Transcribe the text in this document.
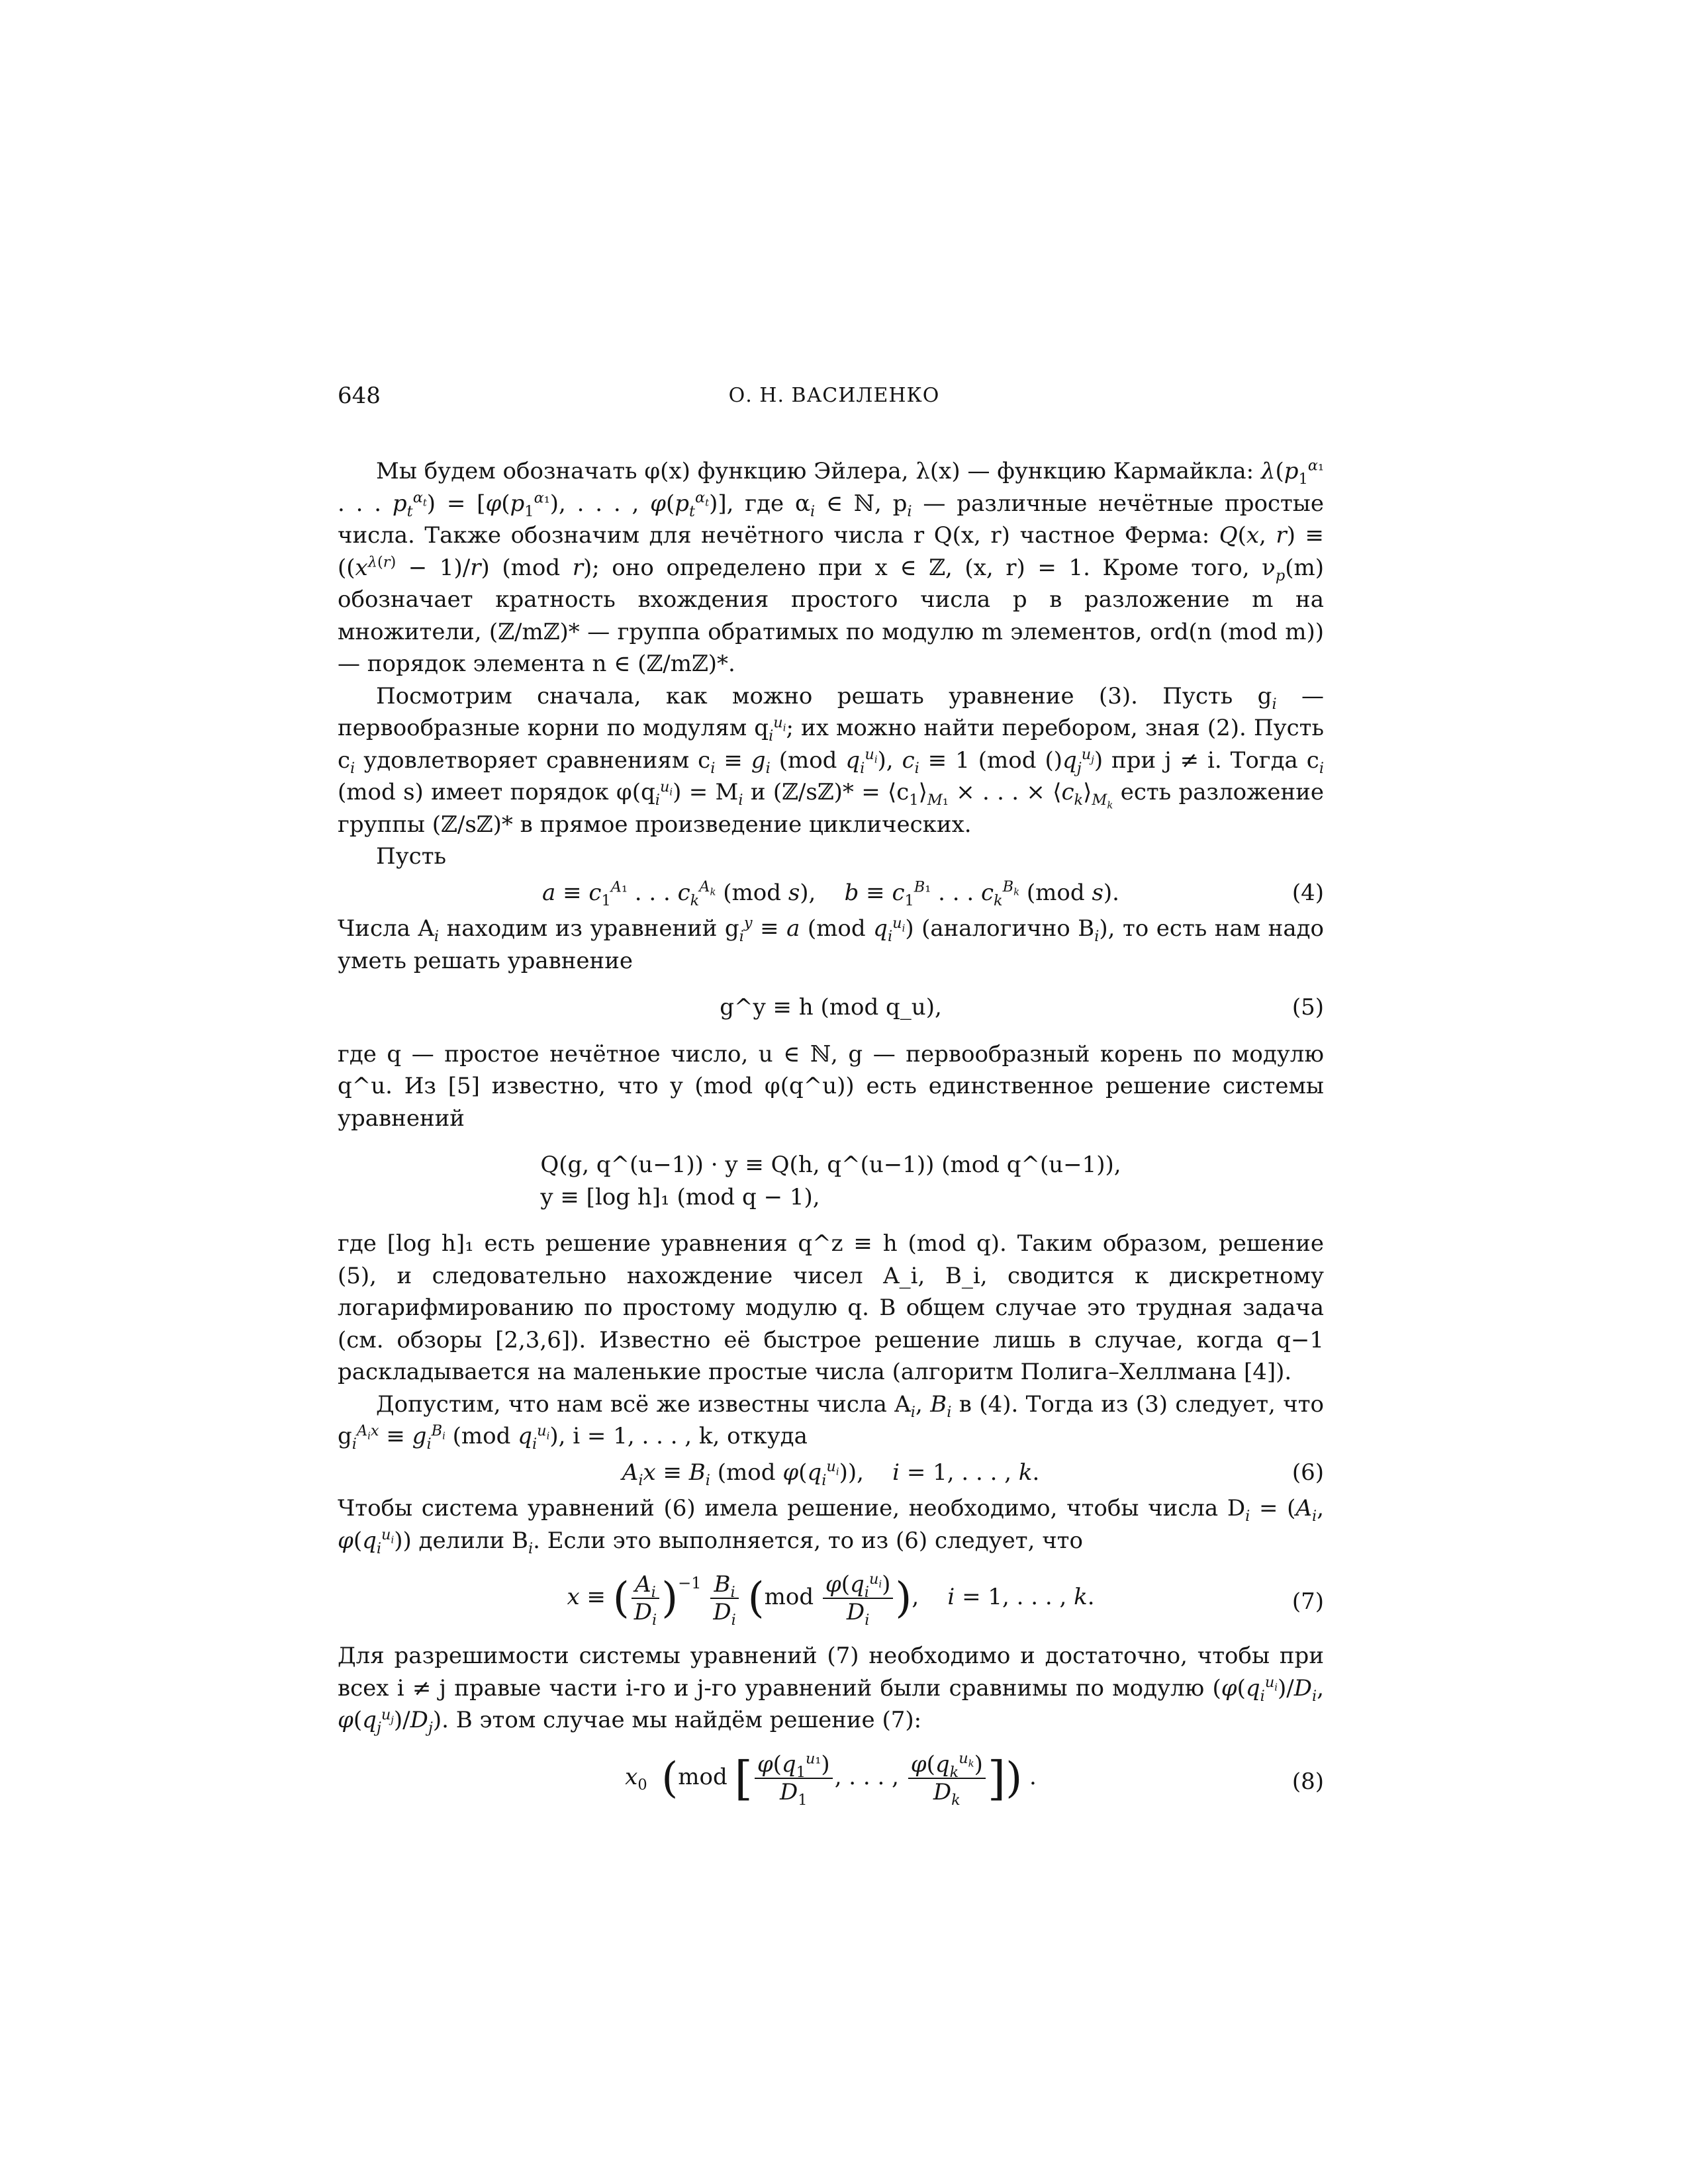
648	О. Н. ВАСИЛЕНКО

Мы будем обозначать φ(x) функцию Эйлера, λ(x) — функцию Кармайкла: $\lambda(p_1^{\alpha_1}$ . . . $p_t^{\alpha_t}) = [\varphi(p_1^{\alpha_1})$, . . . , $\varphi(p_t^{\alpha_t})$], где $\alpha_i$ ∈ ℕ, $p_i$ — различные нечётные простые числа. Также обозначим для нечётного числа r Q(x, r) частное Ферма: Q(x, $r) \equiv ((x^{\lambda(r)} - 1)/r)$ (mod r); оно определено при x ∈ ℤ, (x, r) = 1. Кроме того, $\nu_p(m)$ обозначает кратность вхождения простого числа p в разложение m на множители, (ℤ/mℤ)* — группа обратимых по модулю m элементов, ord(n (mod m)) — порядок элемента n ∈ (ℤ/mℤ)*.

Посмотрим сначала, как можно решать уравнение (3). Пусть $g_i$ — первообразные корни по модулям $q_i^{u_i}$; их можно найти перебором, зная (2). Пусть $c_i$ удовлетворяет сравнениям $c_i \equiv g_i$ (mod $q_i^{u_i}$), $c_i \equiv 1$ (mod $()q_j^{u_j}$) при j ≠ i. Тогда $c_i$ (mod s) имеет порядок $\varphi(q_i^{u_i}) = M_i$ и (ℤ/sℤ)* = $⟨c_1⟩_{M_1}$ × . . . × $⟨c_k⟩_{M_k}$ есть разложение группы (ℤ/sℤ)* в прямое произведение циклических.

Пусть

$a \equiv c_1^{A_1}$ . . . $c_k^{A_k}$ (mod s),    $b \equiv c_1^{B_1}$ . . . $c_k^{B_k}$ (mod s).	(4)

Числа $A_i$ находим из уравнений $g_i^y \equiv a$ (mod $q_i^{u_i}$) (аналогично $B_i$), то есть нам надо уметь решать уравнение

g^y ≡ h (mod q_u),	(5)

где q — простое нечётное число, u ∈ ℕ, g — первообразный корень по модулю q^u. Из [5] известно, что y (mod φ(q^u)) есть единственное решение системы уравнений

Q(g, q^(u−1)) · y ≡ Q(h, q^(u−1)) (mod q^(u−1)),
y ≡ [log h]₁ (mod q − 1),

где [log h]₁ есть решение уравнения q^z ≡ h (mod q). Таким образом, решение (5), и следовательно нахождение чисел A_i, B_i, сводится к дискретному логарифмированию по простому модулю q. В общем случае это трудная задача (см. обзоры [2,3,6]). Известно её быстрое решение лишь в случае, когда q−1 раскладывается на маленькие простые числа (алгоритм Полига–Хеллмана [4]).

Допустим, что нам всё же известны числа $A_i$, $B_i$ в (4). Тогда из (3) следует, что $g_i^{A_ix} \equiv g_i^{B_i}$ (mod $q_i^{u_i}$), i = 1, . . . , k, откуда

$A_ix \equiv B_i$ (mod $\varphi(q_i^{u_i})$),    i = 1, . . . , k.	(6)

Чтобы система уравнений (6) имела решение, необходимо, чтобы числа $D_i = (A_i$, $\varphi(q_i^{u_i})$) делили $B_i$. Если это выполняется, то из (6) следует, что

x ≡ ( $\frac{A_i}{D_i} )^{-1} \frac{B_i}{D_i} (mod \frac{\varphi(q_i^{u_i})}{D_i}$ ),    i = 1, . . . , k.	(7)

Для разрешимости системы уравнений (7) необходимо и достаточно, чтобы при всех i ≠ j правые части i-го и j-го уравнений были сравнимы по модулю ($\varphi(q_i^{u_i})/D_i$, $\varphi(q_j^{u_j})/D_j$). В этом случае мы найдём решение (7):

$x_0$ (mod [ $\frac{\varphi(q_1^{u_1})}{D_1}$ , . . . , $\frac{\varphi(q_k^{u_k})}{D_k}$ ]) .	(8)
